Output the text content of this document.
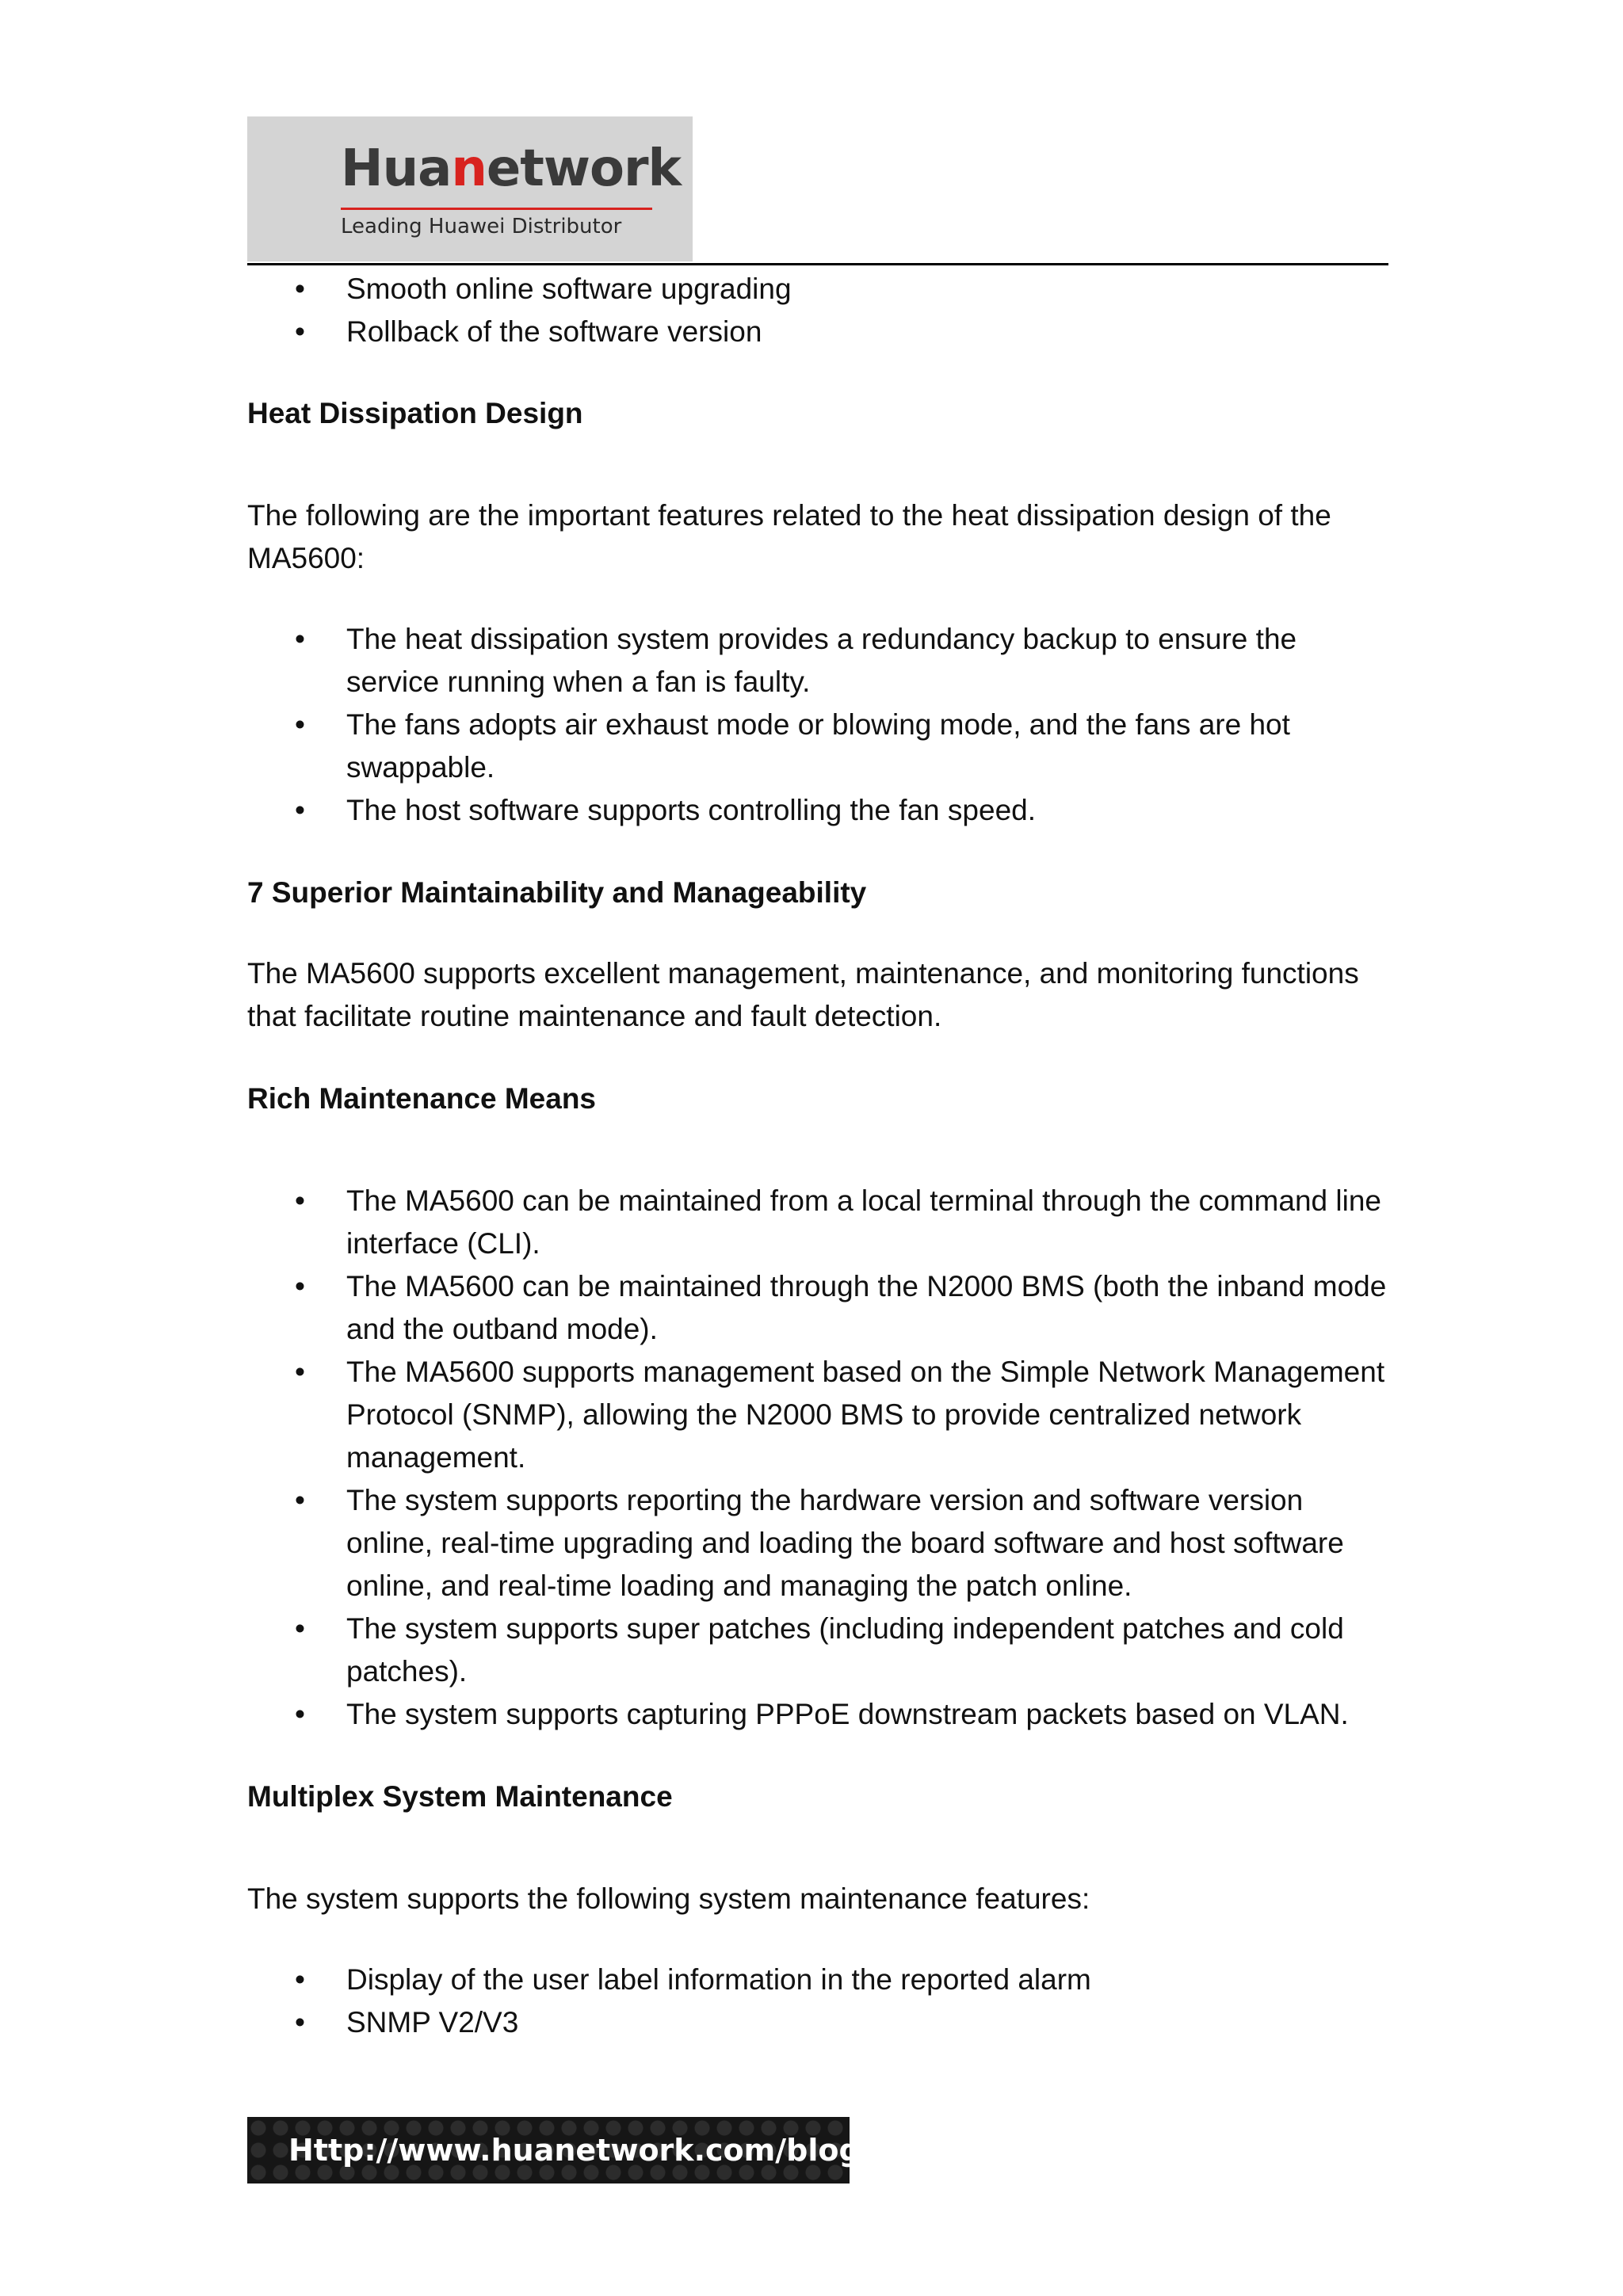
Huanetwork
Leading Huawei Distributor
• Smooth online software upgrading
• Rollback of the software version
Heat Dissipation Design

The following are the important features related to the heat dissipation design of the MA5600:

• The heat dissipation system provides a redundancy backup to ensure the service running when a fan is faulty.
• The fans adopts air exhaust mode or blowing mode, and the fans are hot swappable.
• The host software supports controlling the fan speed.
7 Superior Maintainability and Manageability

The MA5600 supports excellent management, maintenance, and monitoring functions that facilitate routine maintenance and fault detection.

Rich Maintenance Means
• The MA5600 can be maintained from a local terminal through the command line interface (CLI).
• The MA5600 can be maintained through the N2000 BMS (both the inband mode and the outband mode).
• The MA5600 supports management based on the Simple Network Management Protocol (SNMP), allowing the N2000 BMS to provide centralized network management.
• The system supports reporting the hardware version and software version online, real-time upgrading and loading the board software and host software online, and real-time loading and managing the patch online.
• The system supports super patches (including independent patches and cold patches).
• The system supports capturing PPPoE downstream packets based on VLAN.
Multiplex System Maintenance

The system supports the following system maintenance features:

• Display of the user label information in the reported alarm
• SNMP V2/V3
Http://www.huanetwork.com/blog
